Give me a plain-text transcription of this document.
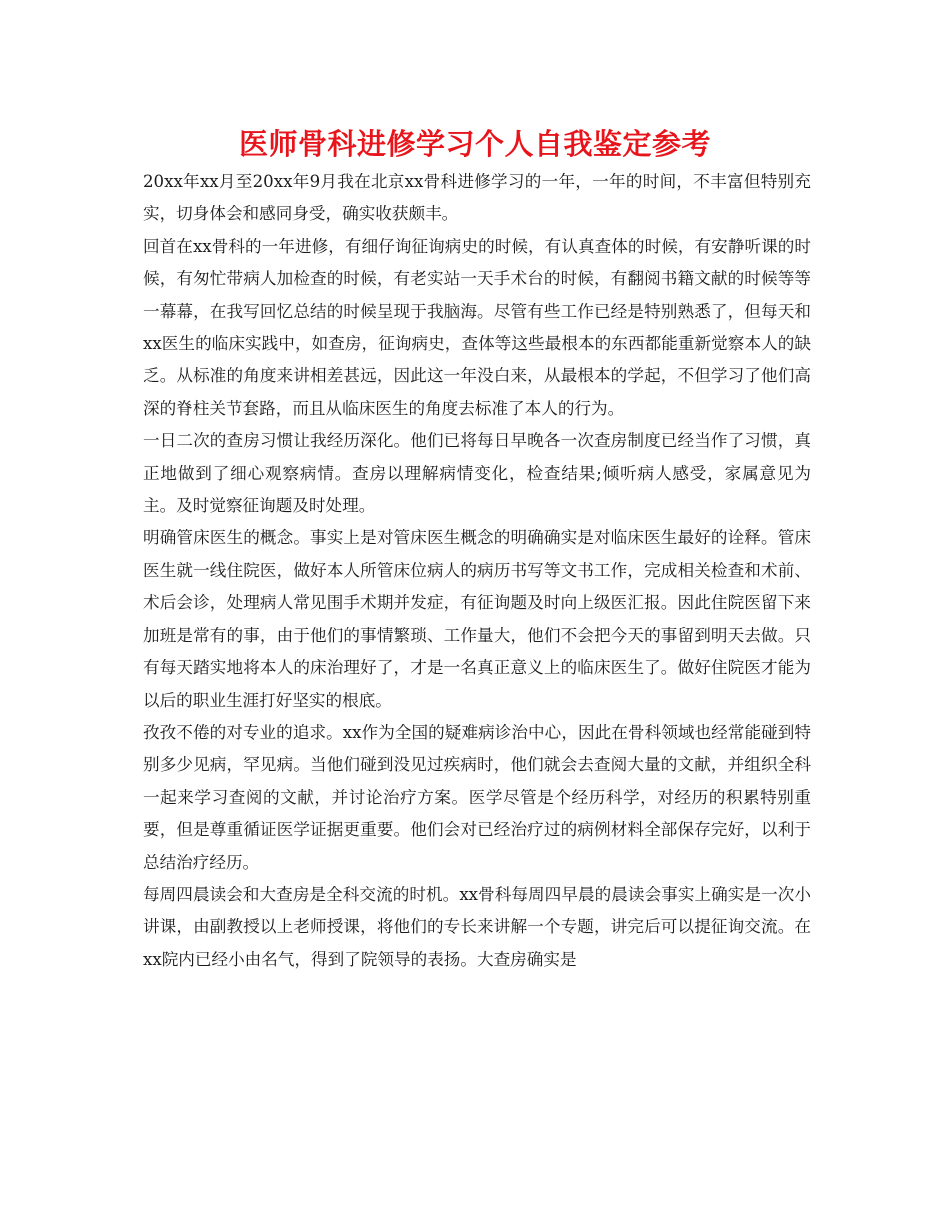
医师骨科进修学习个人自我鉴定参考

20xx年xx月至20xx年9月我在北京xx骨科进修学习的一年，一年的时间，不丰富但特别充实，切身体会和感同身受，确实收获颇丰。

回首在xx骨科的一年进修，有细仔询征询病史的时候，有认真查体的时候，有安静听课的时候，有匆忙带病人加检查的时候，有老实站一天手术台的时候，有翻阅书籍文献的时候等等一幕幕，在我写回忆总结的时候呈现于我脑海。尽管有些工作已经是特别熟悉了，但每天和xx医生的临床实践中，如查房，征询病史，查体等这些最根本的东西都能重新觉察本人的缺乏。从标准的角度来讲相差甚远，因此这一年没白来，从最根本的学起，不但学习了他们高深的脊柱关节套路，而且从临床医生的角度去标准了本人的行为。

一日二次的查房习惯让我经历深化。他们已将每日早晚各一次查房制度已经当作了习惯，真正地做到了细心观察病情。查房以理解病情变化，检查结果;倾听病人感受，家属意见为主。及时觉察征询题及时处理。

明确管床医生的概念。事实上是对管床医生概念的明确确实是对临床医生最好的诠释。管床医生就一线住院医，做好本人所管床位病人的病历书写等文书工作，完成相关检查和术前、术后会诊，处理病人常见围手术期并发症，有征询题及时向上级医汇报。因此住院医留下来加班是常有的事，由于他们的事情繁琐、工作量大，他们不会把今天的事留到明天去做。只有每天踏实地将本人的床治理好了，才是一名真正意义上的临床医生了。做好住院医才能为以后的职业生涯打好坚实的根底。

孜孜不倦的对专业的追求。xx作为全国的疑难病诊治中心，因此在骨科领域也经常能碰到特别多少见病，罕见病。当他们碰到没见过疾病时，他们就会去查阅大量的文献，并组织全科一起来学习查阅的文献，并讨论治疗方案。医学尽管是个经历科学，对经历的积累特别重要，但是尊重循证医学证据更重要。他们会对已经治疗过的病例材料全部保存完好，以利于总结治疗经历。

每周四晨读会和大查房是全科交流的时机。xx骨科每周四早晨的晨读会事实上确实是一次小讲课，由副教授以上老师授课，将他们的专长来讲解一个专题，讲完后可以提征询交流。在xx院内已经小由名气，得到了院领导的表扬。大查房确实是
